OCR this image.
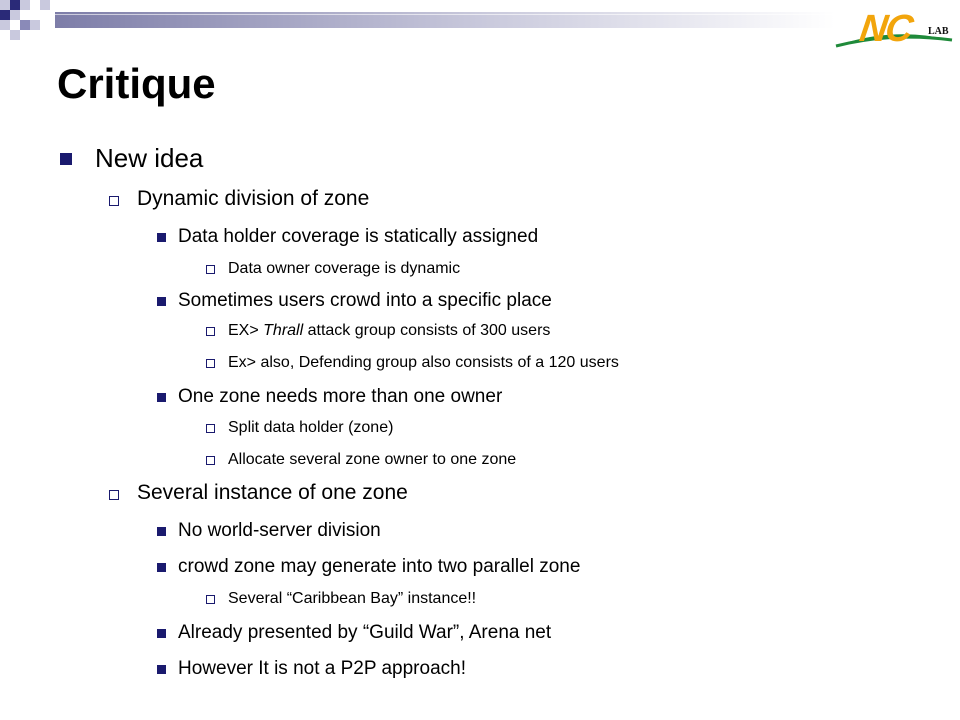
NC LAB
Critique
New idea
Dynamic division of zone
Data holder coverage is statically assigned
Data owner coverage is dynamic
Sometimes users crowd into a specific place
EX> Thrall attack group consists of 300 users
Ex> also, Defending group also consists of a 120 users
One zone needs more than one owner
Split data holder (zone)
Allocate several zone owner to one zone
Several instance of one zone
No world-server division
crowd zone may generate into two parallel zone
Several “Caribbean Bay” instance!!
Already presented by “Guild War”, Arena net
However It is not a P2P approach!
